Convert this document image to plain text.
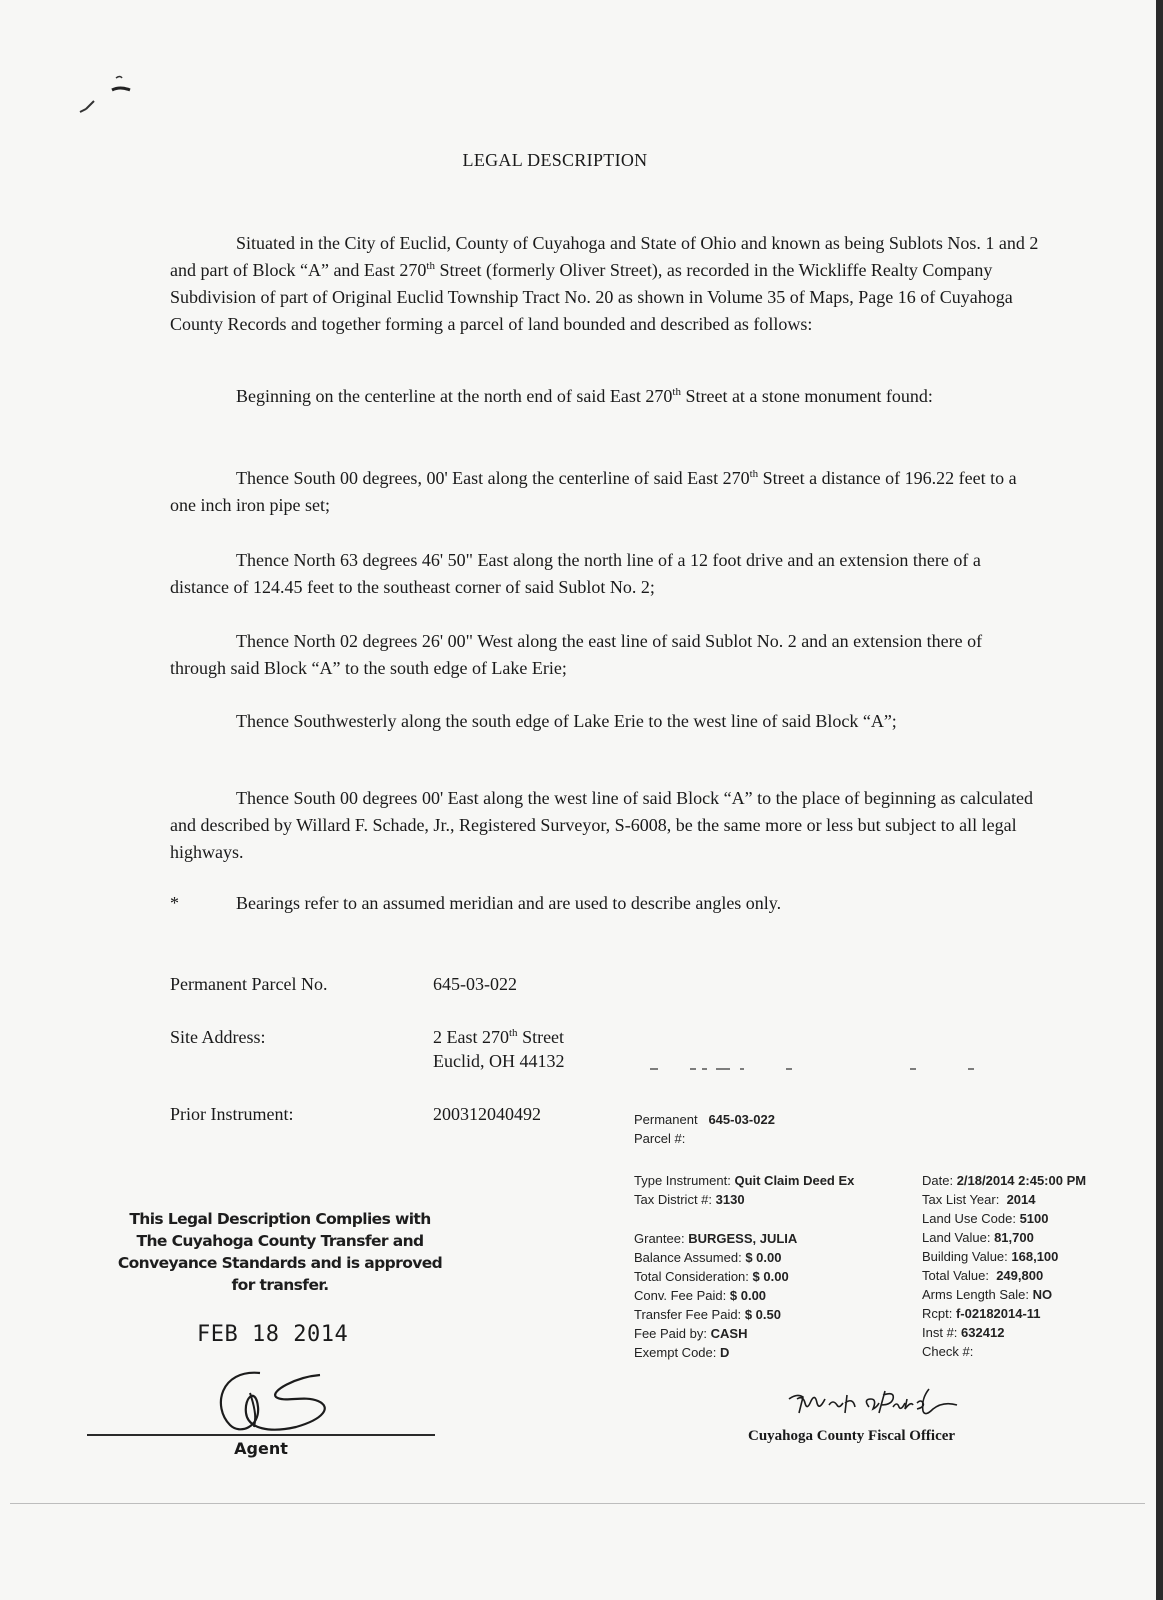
LEGAL DESCRIPTION
Situated in the City of Euclid, County of Cuyahoga and State of Ohio and known as being Sublots Nos. 1 and 2 and part of Block “A” and East 270th Street (formerly Oliver Street), as recorded in the Wickliffe Realty Company Subdivision of part of Original Euclid Township Tract No. 20 as shown in Volume 35 of Maps, Page 16 of Cuyahoga County Records and together forming a parcel of land bounded and described as follows:
Beginning on the centerline at the north end of said East 270th Street at a stone monument found:
Thence South 00 degrees, 00' East along the centerline of said East 270th Street a distance of 196.22 feet to a one inch iron pipe set;
Thence North 63 degrees 46' 50" East along the north line of a 12 foot drive and an extension there of a distance of 124.45 feet to the southeast corner of said Sublot No. 2;
Thence North 02 degrees 26' 00" West along the east line of said Sublot No. 2 and an extension there of through said Block “A” to the south edge of Lake Erie;
Thence Southwesterly along the south edge of Lake Erie to the west line of said Block “A”;
Thence South 00 degrees 00' East along the west line of said Block “A” to the place of beginning as calculated and described by Willard F. Schade, Jr., Registered Surveyor, S-6008, be the same more or less but subject to all legal highways.
*	Bearings refer to an assumed meridian and are used to describe angles only.
Permanent Parcel No.	645-03-022
Site Address:	2 East 270th Street
Euclid, OH 44132
Prior Instrument:	200312040492	Permanent 645-03-022
Parcel #:
Type Instrument: Quit Claim Deed Ex
Tax District #: 3130
Grantee: BURGESS, JULIA
Balance Assumed: $ 0.00
Total Consideration: $ 0.00
Conv. Fee Paid: $ 0.00
Transfer Fee Paid: $ 0.50
Fee Paid by: CASH
Exempt Code: D
Date: 2/18/2014 2:45:00 PM
Tax List Year: 2014
Land Use Code: 5100
Land Value: 81,700
Building Value: 168,100
Total Value: 249,800
Arms Length Sale: NO
Rcpt: f-02182014-11
Inst #: 632412
Check #:
This Legal Description Complies with
The Cuyahoga County Transfer and
Conveyance Standards and is approved
for transfer.
FEB 18 2014
Agent
Cuyahoga County Fiscal Officer
